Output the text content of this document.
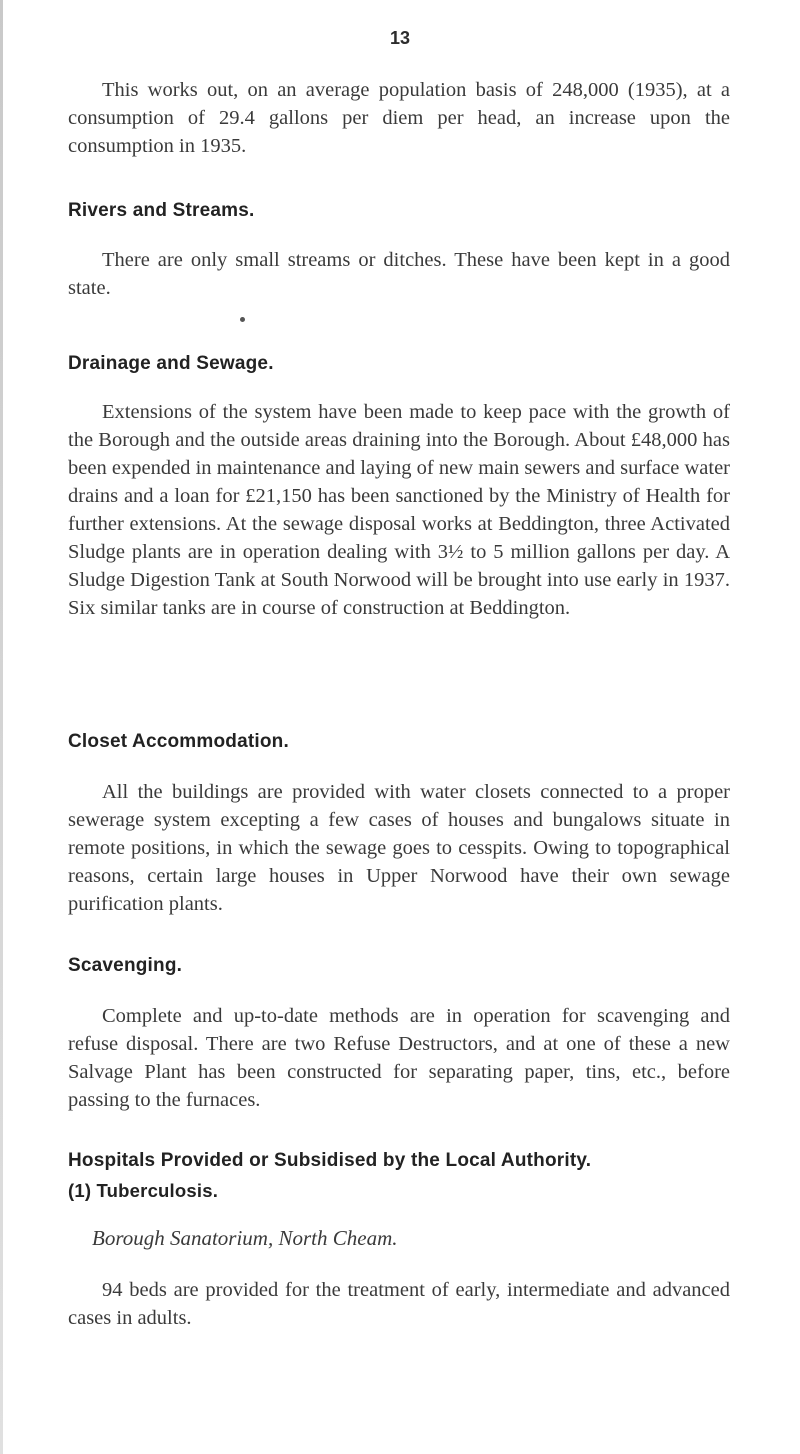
13

This works out, on an average population basis of 248,000 (1935), at a consumption of 29.4 gallons per diem per head, an increase upon the consumption in 1935.

Rivers and Streams.

There are only small streams or ditches. These have been kept in a good state.

Drainage and Sewage.

Extensions of the system have been made to keep pace with the growth of the Borough and the outside areas draining into the Borough. About £48,000 has been expended in maintenance and laying of new main sewers and surface water drains and a loan for £21,150 has been sanctioned by the Ministry of Health for further extensions. At the sewage disposal works at Beddington, three Activated Sludge plants are in operation dealing with 3½ to 5 million gallons per day. A Sludge Digestion Tank at South Norwood will be brought into use early in 1937. Six similar tanks are in course of construction at Beddington.

Closet Accommodation.

All the buildings are provided with water closets connected to a proper sewerage system excepting a few cases of houses and bungalows situate in remote positions, in which the sewage goes to cesspits. Owing to topographical reasons, certain large houses in Upper Norwood have their own sewage purification plants.

Scavenging.

Complete and up-to-date methods are in operation for scavenging and refuse disposal. There are two Refuse Destructors, and at one of these a new Salvage Plant has been constructed for separating paper, tins, etc., before passing to the furnaces.

Hospitals Provided or Subsidised by the Local Authority.
(1) Tuberculosis.

Borough Sanatorium, North Cheam.

94 beds are provided for the treatment of early, intermediate and advanced cases in adults.
